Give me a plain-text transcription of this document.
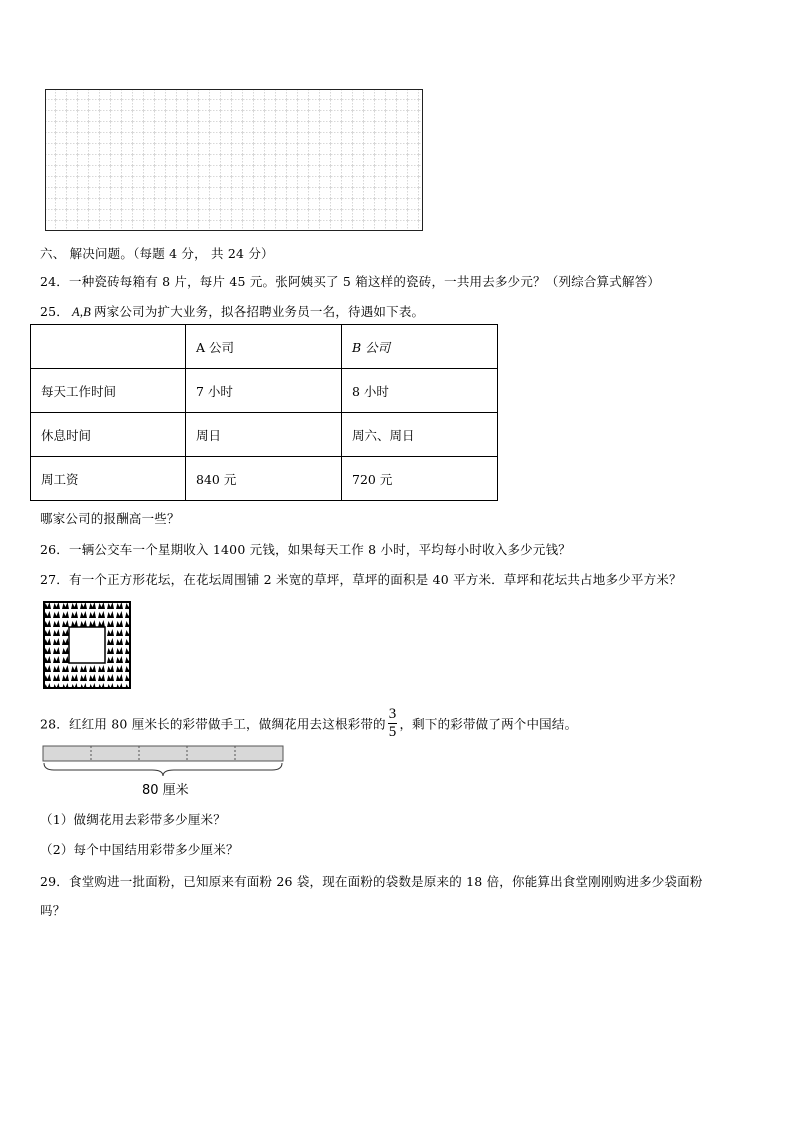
六、 解决问题。（每题 4 分， 共 24 分）
24．一种瓷砖每箱有 8 片，每片 45 元。张阿姨买了 5 箱这样的瓷砖，一共用去多少元？（列综合算式解答）
25． A,B 两家公司为扩大业务，拟各招聘业务员一名，待遇如下表。
	A 公司	B 公司
每天工作时间	7 小时	8 小时
休息时间	周日	周六、周日
周工资	840 元	720 元
哪家公司的报酬高一些？
26．一辆公交车一个星期收入 1400 元钱，如果每天工作 8 小时，平均每小时收入多少元钱？
27．有一个正方形花坛，在花坛周围铺 2 米宽的草坪，草坪的面积是 40 平方米．草坪和花坛共占地多少平方米？
28．红红用 80 厘米长的彩带做手工，做绸花用去这根彩带的 $\frac{3}{5}$ ，剩下的彩带做了两个中国结。
80 厘米
（1）做绸花用去彩带多少厘米？
（2）每个中国结用彩带多少厘米？
29．食堂购进一批面粉，已知原来有面粉 26 袋，现在面粉的袋数是原来的 18 倍，你能算出食堂刚刚购进多少袋面粉
吗？
